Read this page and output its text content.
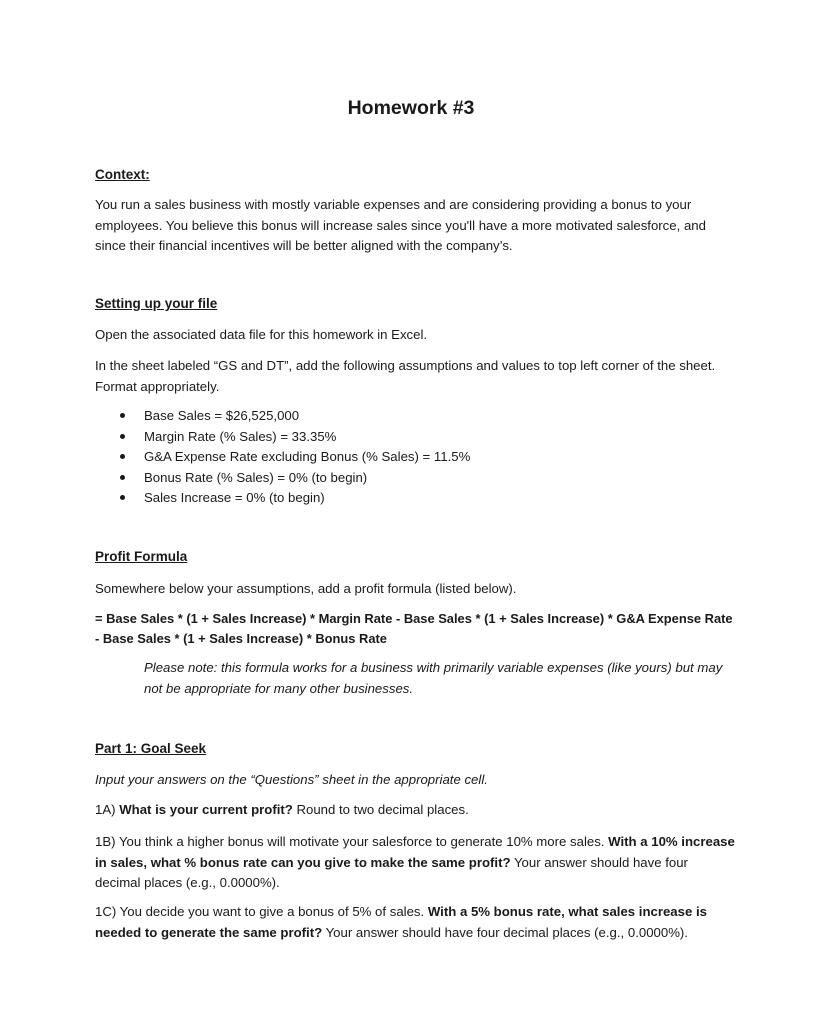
Homework #3

Context:

You run a sales business with mostly variable expenses and are considering providing a bonus to your employees. You believe this bonus will increase sales since you'll have a more motivated salesforce, and since their financial incentives will be better aligned with the company’s.

Setting up your file

Open the associated data file for this homework in Excel.

In the sheet labeled “GS and DT”, add the following assumptions and values to top left corner of the sheet. Format appropriately.

Base Sales = $26,525,000
Margin Rate (% Sales) = 33.35%
G&A Expense Rate excluding Bonus (% Sales) = 11.5%
Bonus Rate (% Sales) = 0% (to begin)
Sales Increase = 0% (to begin)

Profit Formula

Somewhere below your assumptions, add a profit formula (listed below).

= Base Sales * (1 + Sales Increase) * Margin Rate - Base Sales * (1 + Sales Increase) * G&A Expense Rate

- Base Sales * (1 + Sales Increase) * Bonus Rate

Please note: this formula works for a business with primarily variable expenses (like yours) but may not be appropriate for many other businesses.

Part 1: Goal Seek

Input your answers on the “Questions” sheet in the appropriate cell.

1A) What is your current profit? Round to two decimal places.

1B) You think a higher bonus will motivate your salesforce to generate 10% more sales. With a 10% increase in sales, what % bonus rate can you give to make the same profit? Your answer should have four decimal places (e.g., 0.0000%).

1C) You decide you want to give a bonus of 5% of sales. With a 5% bonus rate, what sales increase is needed to generate the same profit? Your answer should have four decimal places (e.g., 0.0000%).
